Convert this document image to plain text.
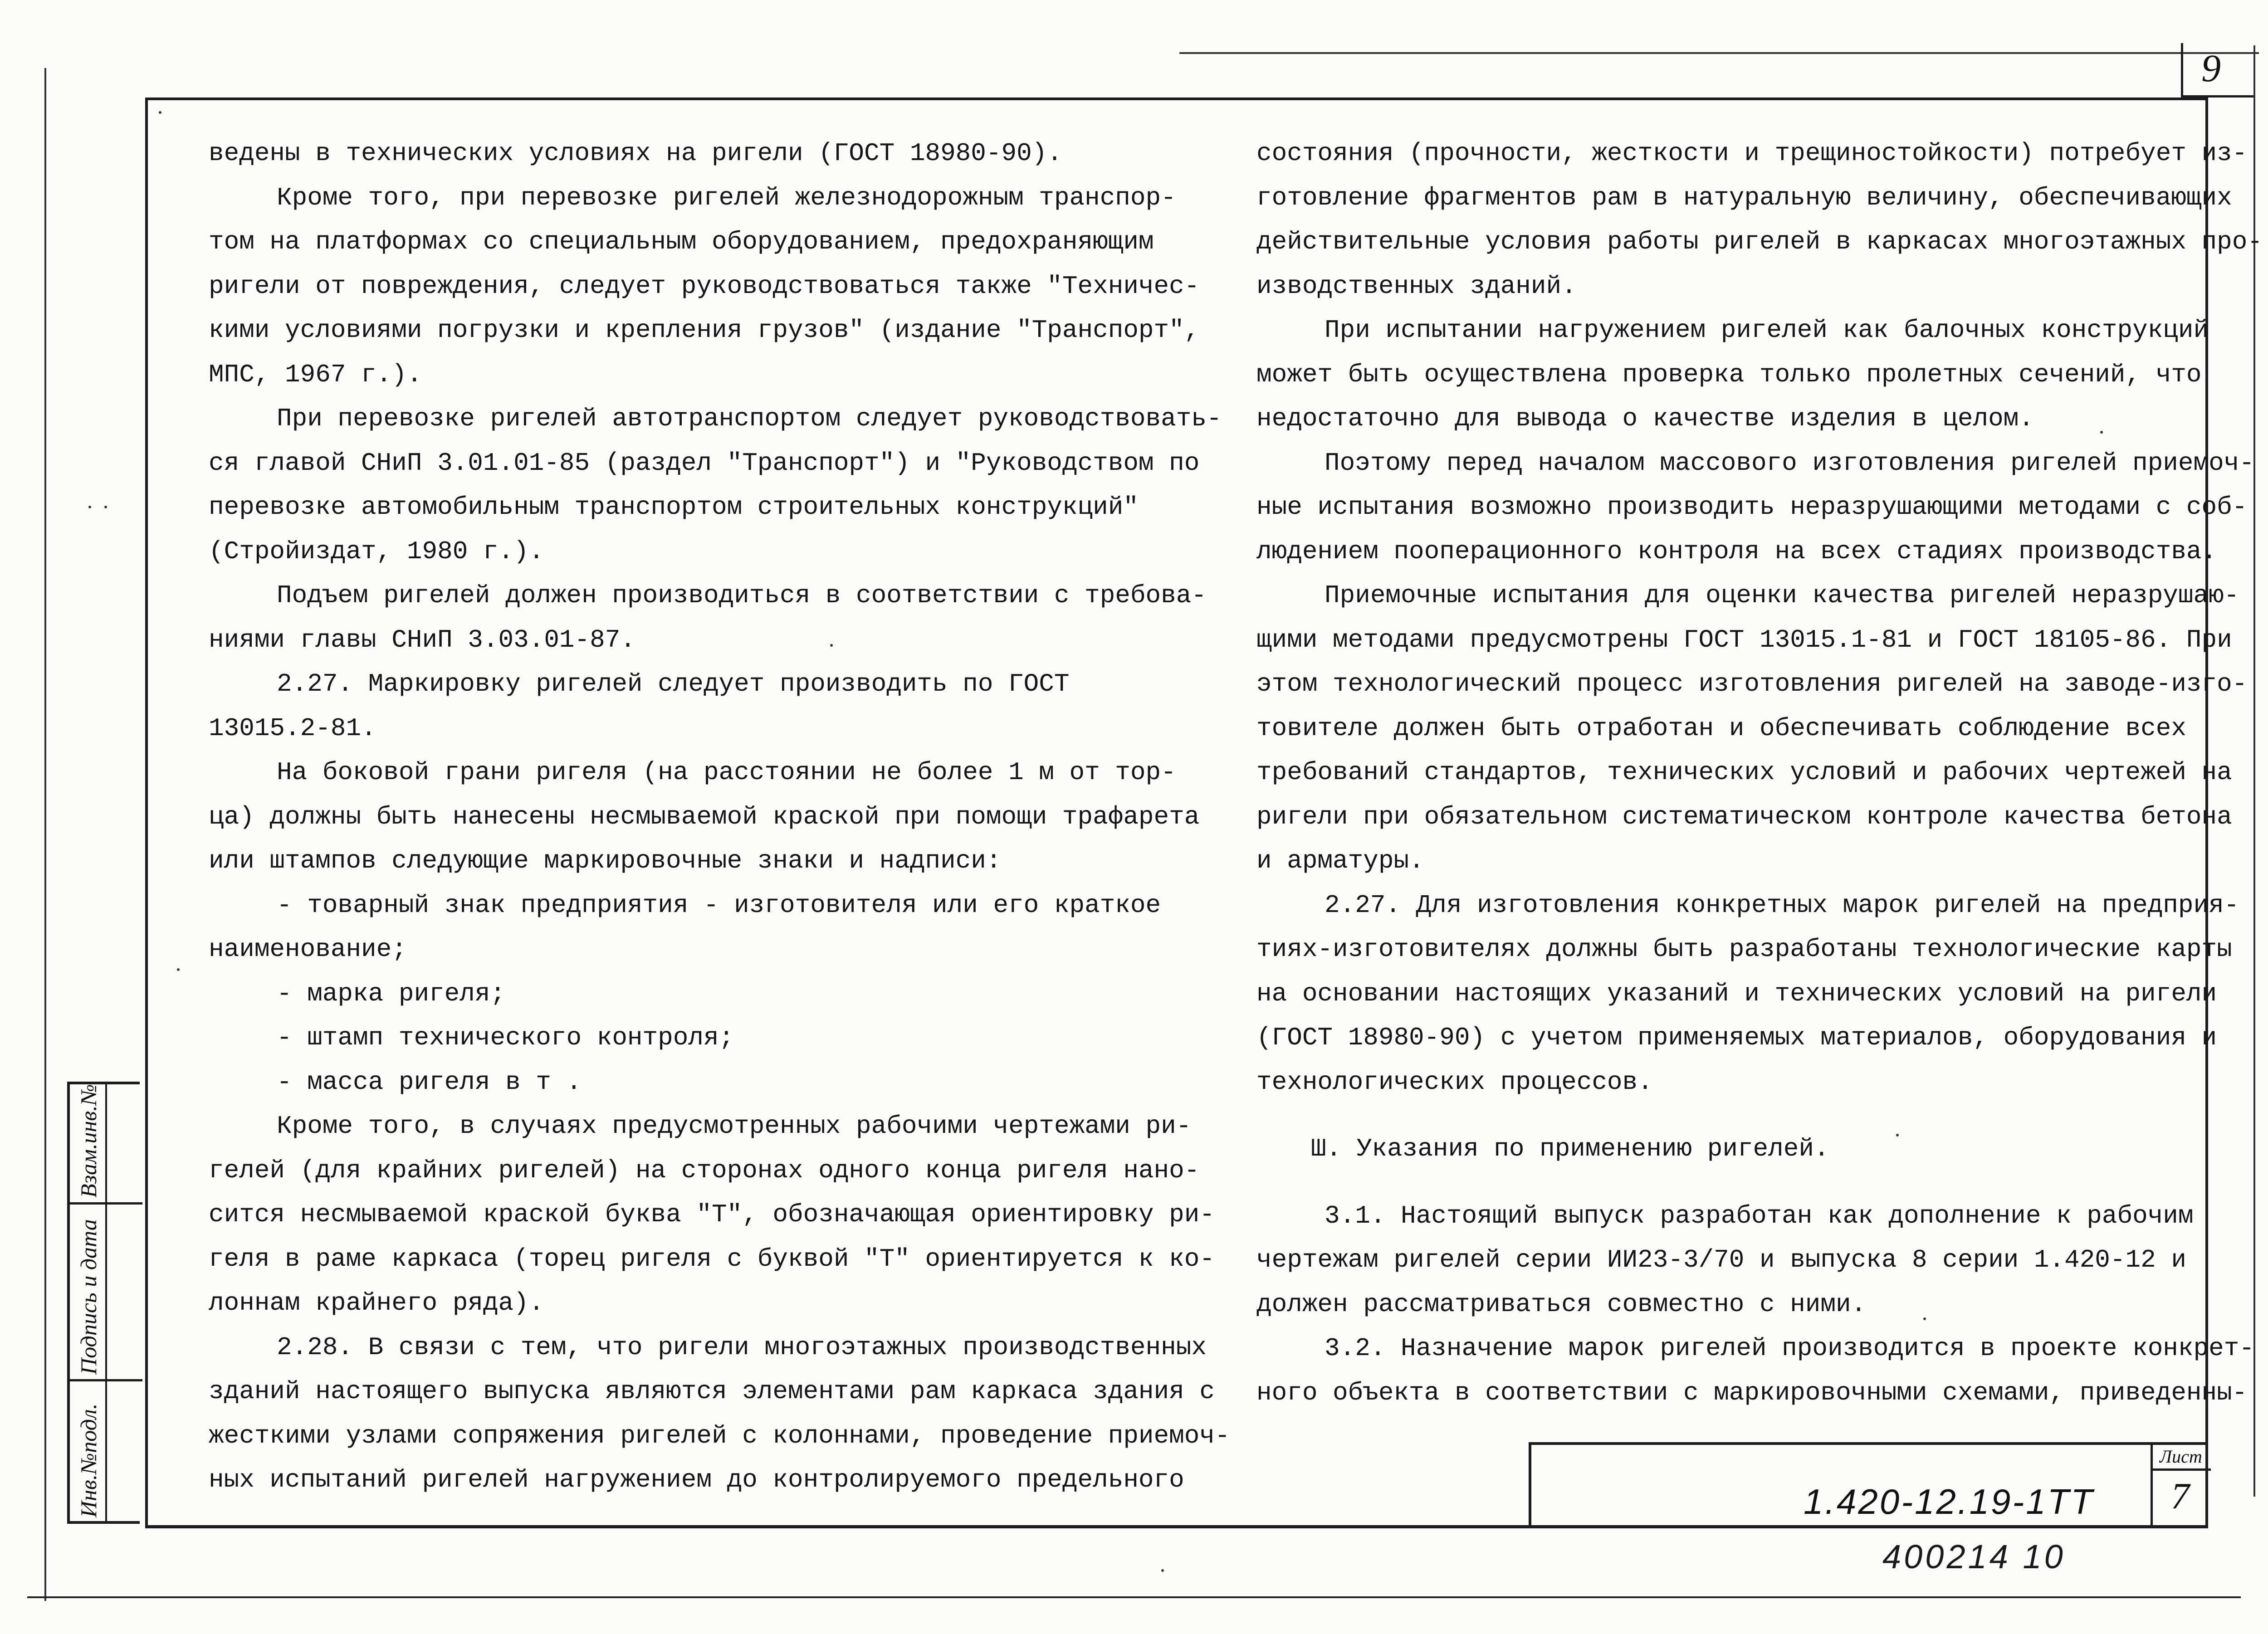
9

ведены в технических условиях на ригели (ГОСТ 18980-90).

Кроме того, при перевозке ригелей железнодорожным транспор-

том на платформах со специальным оборудованием, предохраняющим

ригели от повреждения, следует руководствоваться также "Техничес-

кими условиями погрузки и крепления грузов" (издание "Транспорт",

МПС, 1967 г.).

При перевозке ригелей автотранспортом следует руководствовать-

ся главой СНиП 3.01.01-85 (раздел "Транспорт") и "Руководством по

перевозке автомобильным транспортом строительных конструкций"

(Стройиздат, 1980 г.).

Подъем ригелей должен производиться в соответствии с требова-

ниями главы СНиП 3.03.01-87.

2.27. Маркировку ригелей следует производить по ГОСТ

13015.2-81.

На боковой грани ригеля (на расстоянии не более 1 м от тор-

ца) должны быть нанесены несмываемой краской при помощи трафарета

или штампов следующие маркировочные знаки и надписи:

- товарный знак предприятия - изготовителя или его краткое

наименование;

- марка ригеля;

- штамп технического контроля;

- масса ригеля в т .

Кроме того, в случаях предусмотренных рабочими чертежами ри-

гелей (для крайних ригелей) на сторонах одного конца ригеля нано-

сится несмываемой краской буква "Т", обозначающая ориентировку ри-

геля в раме каркаса (торец ригеля с буквой "Т" ориентируется к ко-

лоннам крайнего ряда).

2.28. В связи с тем, что ригели многоэтажных производственных

зданий настоящего выпуска являются элементами рам каркаса здания с

жесткими узлами сопряжения ригелей с колоннами, проведение приемоч-

ных испытаний ригелей нагружением до контролируемого предельного

состояния (прочности, жесткости и трещиностойкости) потребует из-

готовление фрагментов рам в натуральную величину, обеспечивающих

действительные условия работы ригелей в каркасах многоэтажных про-

изводственных зданий.

При испытании нагружением ригелей как балочных конструкций

может быть осуществлена проверка только пролетных сечений, что

недостаточно для вывода о качестве изделия в целом.

Поэтому перед началом массового изготовления ригелей приемоч-

ные испытания возможно производить неразрушающими методами с соб-

людением пооперационного контроля на всех стадиях производства.

Приемочные испытания для оценки качества ригелей неразрушаю-

щими методами предусмотрены ГОСТ 13015.1-81 и ГОСТ 18105-86. При

этом технологический процесс изготовления ригелей на заводе-изго-

товителе должен быть отработан и обеспечивать соблюдение всех

требований стандартов, технических условий и рабочих чертежей на

ригели при обязательном систематическом контроле качества бетона

и арматуры.

2.27. Для изготовления конкретных марок ригелей на предприя-

тиях-изготовителях должны быть разработаны технологические карты

на основании настоящих указаний и технических условий на ригели

(ГОСТ 18980-90) с учетом применяемых материалов, оборудования и

технологических процессов.

Ш. Указания по применению ригелей.

3.1. Настоящий выпуск разработан как дополнение к рабочим

чертежам ригелей серии ИИ23-3/70 и выпуска 8 серии 1.420-12 и

должен рассматриваться совместно с ними.

3.2. Назначение марок ригелей производится в проекте конкрет-

ного объекта в соответствии с маркировочными схемами, приведенны-

1.420-12.19-1ТТ
Лист
7
400214 10
Инв.№подл.
Подпись и дата
Взам.инв.№
